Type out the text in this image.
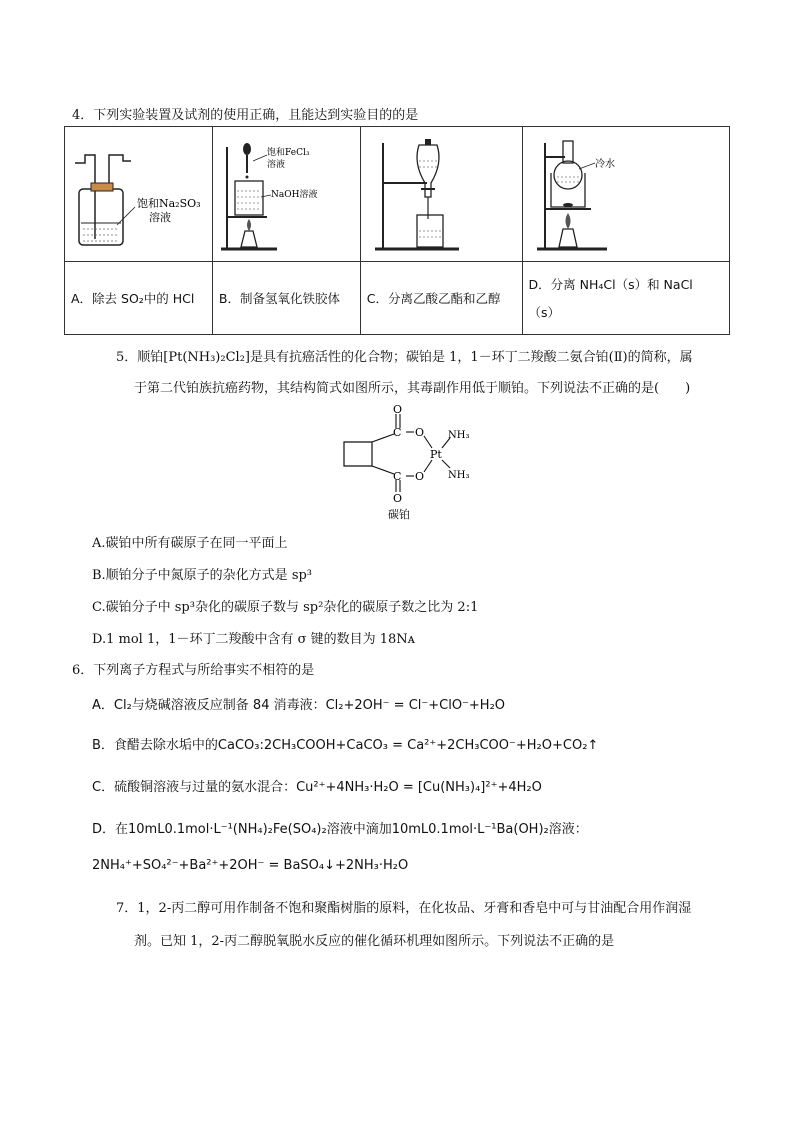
4．下列实验装置及试剂的使用正确，且能达到实验目的的是
饱和Na₂SO₃
溶液	饱和FeCl₃
溶液
NaOH溶液		冷水

A．除去 SO₂中的 HCl	B．制备氢氧化铁胶体	C．分离乙酸乙酯和乙醇	D．分离 NH₄Cl（s）和 NaCl
（s）
5．顺铂[Pt(NH₃)₂Cl₂]是具有抗癌活性的化合物；碳铂是 1，1－环丁二羧酸二氨合铂(Ⅱ)的简称，属
于第二代铂族抗癌药物，其结构简式如图所示，其毒副作用低于顺铂。下列说法不正确的是(　　)
O
C O NH₃
Pt
NH₃
C O
O
碳铂
A.碳铂中所有碳原子在同一平面上
B.顺铂分子中氮原子的杂化方式是 sp³
C.碳铂分子中 sp³杂化的碳原子数与 sp²杂化的碳原子数之比为 2:1
D.1 mol 1，1－环丁二羧酸中含有 σ 键的数目为 18Nᴀ
6．下列离子方程式与所给事实不相符的是
A．Cl₂与烧碱溶液反应制备 84 消毒液：Cl₂+2OH⁻ = Cl⁻+ClO⁻+H₂O
B．食醋去除水垢中的CaCO₃:2CH₃COOH+CaCO₃ = Ca²⁺+2CH₃COO⁻+H₂O+CO₂↑
C．硫酸铜溶液与过量的氨水混合：Cu²⁺+4NH₃·H₂O = [Cu(NH₃)₄]²⁺+4H₂O
D．在10mL0.1mol·L⁻¹(NH₄)₂Fe(SO₄)₂溶液中滴加10mL0.1mol·L⁻¹Ba(OH)₂溶液：
2NH₄⁺+SO₄²⁻+Ba²⁺+2OH⁻ = BaSO₄↓+2NH₃·H₂O
7．1，2-丙二醇可用作制备不饱和聚酯树脂的原料，在化妆品、牙膏和香皂中可与甘油配合用作润湿
剂。已知 1，2-丙二醇脱氧脱水反应的催化循环机理如图所示。下列说法不正确的是
